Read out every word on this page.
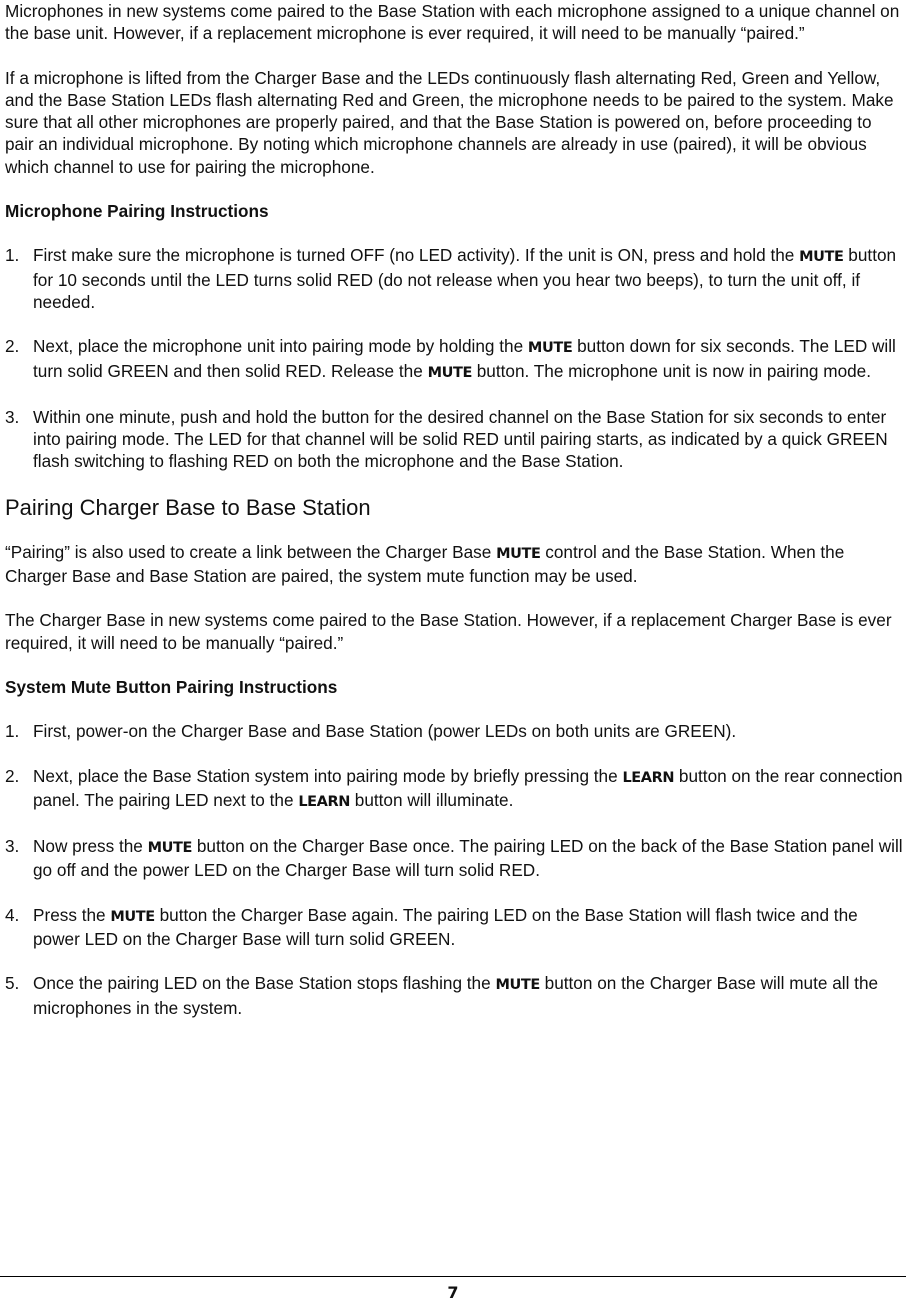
Microphones in new systems come paired to the Base Station with each microphone assigned to a unique channel on the base unit. However, if a replacement microphone is ever required, it will need to be manually “paired.”

If a microphone is lifted from the Charger Base and the LEDs continuously flash alternating Red, Green and Yellow, and the Base Station LEDs flash alternating Red and Green, the microphone needs to be paired to the system. Make sure that all other microphones are properly paired, and that the Base Station is powered on, before proceeding to pair an individual microphone. By noting which microphone channels are already in use (paired), it will be obvious which channel to use for pairing the microphone.

Microphone Pairing Instructions

1. First make sure the microphone is turned OFF (no LED activity). If the unit is ON, press and hold the MUTE button for 10 seconds until the LED turns solid RED (do not release when you hear two beeps), to turn the unit off, if needed.
2. Next, place the microphone unit into pairing mode by holding the MUTE button down for six seconds. The LED will turn solid GREEN and then solid RED. Release the MUTE button. The microphone unit is now in pairing mode.
3. Within one minute, push and hold the button for the desired channel on the Base Station for six seconds to enter into pairing mode. The LED for that channel will be solid RED until pairing starts, as indicated by a quick GREEN flash switching to flashing RED on both the microphone and the Base Station.
Pairing Charger Base to Base Station

“Pairing” is also used to create a link between the Charger Base MUTE control and the Base Station. When the Charger Base and Base Station are paired, the system mute function may be used.

The Charger Base in new systems come paired to the Base Station. However, if a replacement Charger Base is ever required, it will need to be manually “paired.”

System Mute Button Pairing Instructions

1. First, power-on the Charger Base and Base Station (power LEDs on both units are GREEN).
2. Next, place the Base Station system into pairing mode by briefly pressing the LEARN button on the rear connection panel. The pairing LED next to the LEARN button will illuminate.
3. Now press the MUTE button on the Charger Base once. The pairing LED on the back of the Base Station panel will go off and the power LED on the Charger Base will turn solid RED.
4. Press the MUTE button the Charger Base again. The pairing LED on the Base Station will flash twice and the power LED on the Charger Base will turn solid GREEN.
5. Once the pairing LED on the Base Station stops flashing the MUTE button on the Charger Base will mute all the microphones in the system.
7
